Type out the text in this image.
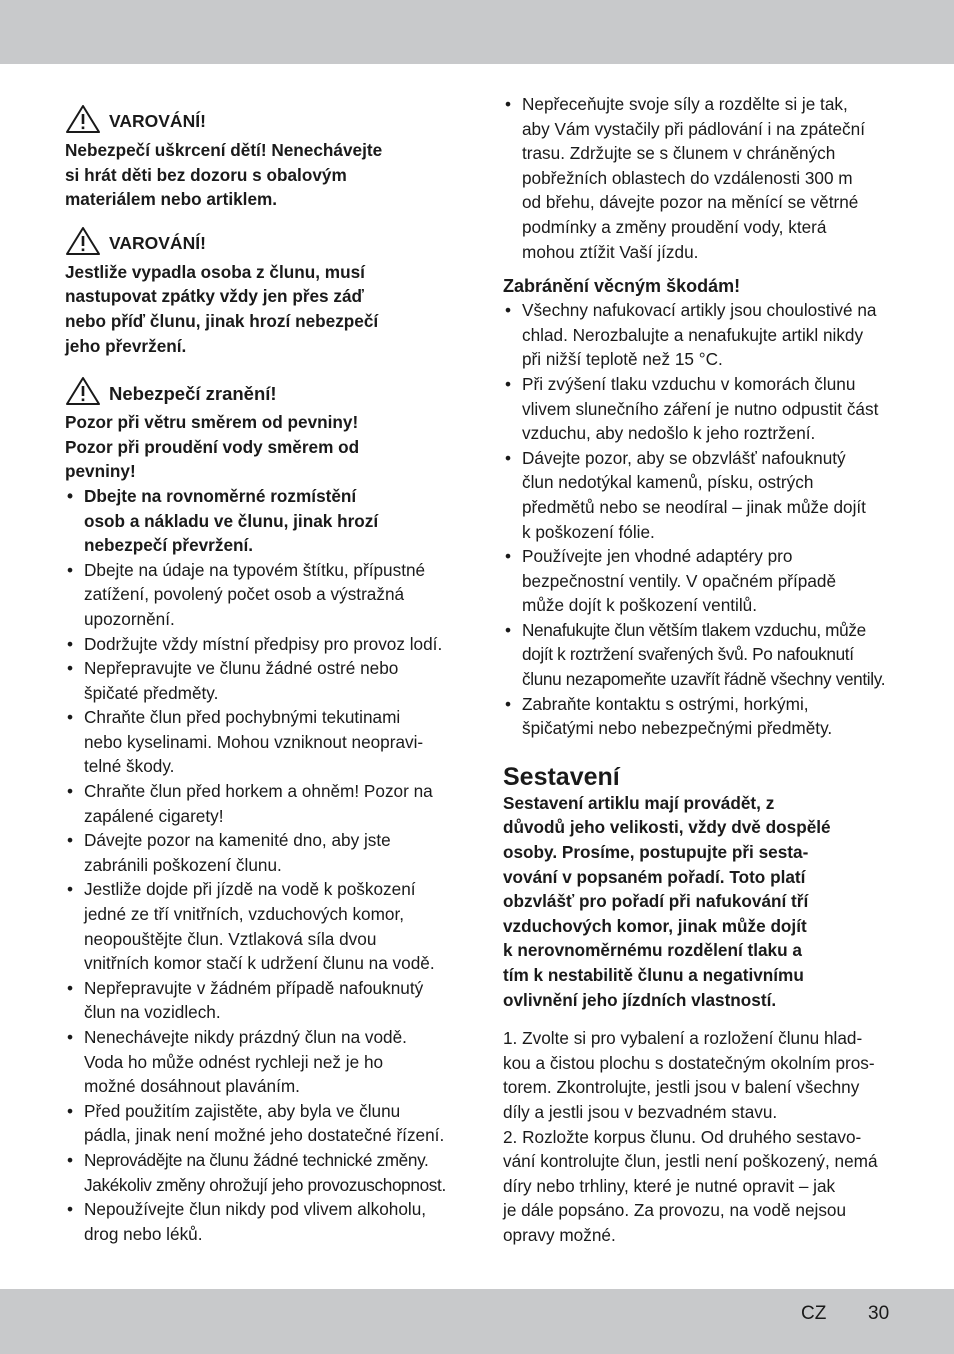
VAROVÁNÍ!
Nebezpečí uškrcení dětí! Nenechávejte
si hrát děti bez dozoru s obalovým
materiálem nebo artiklem.
VAROVÁNÍ!
Jestliže vypadla osoba z člunu, musí
nastupovat zpátky vždy jen přes záď
nebo příď člunu, jinak hrozí nebezpečí
jeho převržení.
Nebezpečí zranění!
Pozor při větru směrem od pevniny!
Pozor při proudění vody směrem od
pevniny!
• Dbejte na rovnoměrné rozmístění
osob a nákladu ve člunu, jinak hrozí
nebezpečí převržení.
• Dbejte na údaje na typovém štítku, přípustné
zatížení, povolený počet osob a výstražná
upozornění.
• Dodržujte vždy místní předpisy pro provoz lodí.
• Nepřepravujte ve člunu žádné ostré nebo
špičaté předměty.
• Chraňte člun před pochybnými tekutinami
nebo kyselinami. Mohou vzniknout neopravi-
telné škody.
• Chraňte člun před horkem a ohněm! Pozor na
zapálené cigarety!
• Dávejte pozor na kamenité dno, aby jste
zabránili poškození člunu.
• Jestliže dojde při jízdě na vodě k poškození
jedné ze tří vnitřních, vzduchových komor,
neopouštějte člun. Vztlaková síla dvou
vnitřních komor stačí k udržení člunu na vodě.
• Nepřepravujte v žádném případě nafouknutý
člun na vozidlech.
• Nenechávejte nikdy prázdný člun na vodě.
Voda ho může odnést rychleji než je ho
možné dosáhnout plaváním.
• Před použitím zajistěte, aby byla ve člunu
pádla, jinak není možné jeho dostatečné řízení.
• Neprovádějte na člunu žádné technické změny.
Jakékoliv změny ohrožují jeho provozuschopnost.
• Nepoužívejte člun nikdy pod vlivem alkoholu,
drog nebo léků.
• Nepřeceňujte svoje síly a rozdělte si je tak,
aby Vám vystačily při pádlování i na zpáteční
trasu. Zdržujte se s člunem v chráněných
pobřežních oblastech do vzdálenosti 300 m
od břehu, dávejte pozor na měnící se větrné
podmínky a změny proudění vody, která
mohou ztížit Vaší jízdu.
Zabránění věcným škodám!
• Všechny nafukovací artikly jsou choulostivé na
chlad. Nerozbalujte a nenafukujte artikl nikdy
při nižší teplotě než 15 °C.
• Při zvýšení tlaku vzduchu v komorách člunu
vlivem slunečního záření je nutno odpustit část
vzduchu, aby nedošlo k jeho roztržení.
• Dávejte pozor, aby se obzvlášť nafouknutý
člun nedotýkal kamenů, písku, ostrých
předmětů nebo se neodíral – jinak může dojít
k poškození fólie.
• Používejte jen vhodné adaptéry pro
bezpečnostní ventily. V opačném případě
může dojít k poškození ventilů.
• Nenafukujte člun větším tlakem vzduchu, může
dojít k roztržení svařených švů. Po nafouknutí
člunu nezapomeňte uzavřít řádně všechny ventily.
• Zabraňte kontaktu s ostrými, horkými,
špičatými nebo nebezpečnými předměty.
Sestavení
Sestavení artiklu mají provádět, z
důvodů jeho velikosti, vždy dvě dospělé
osoby. Prosíme, postupujte při sesta-
vování v popsaném pořadí. Toto platí
obzvlášť pro pořadí při nafukování tří
vzduchových komor, jinak může dojít
k nerovnoměrnému rozdělení tlaku a
tím k nestabilitě člunu a negativnímu
ovlivnění jeho jízdních vlastností.
1. Zvolte si pro vybalení a rozložení člunu hlad-
kou a čistou plochu s dostatečným okolním pros-
torem. Zkontrolujte, jestli jsou v balení všechny
díly a jestli jsou v bezvadném stavu.
2. Rozložte korpus člunu. Od druhého sestavo-
vání kontrolujte člun, jestli není poškozený, nemá
díry nebo trhliny, které je nutné opravit – jak
je dále popsáno. Za provozu, na vodě nejsou
opravy možné.
CZ 30
